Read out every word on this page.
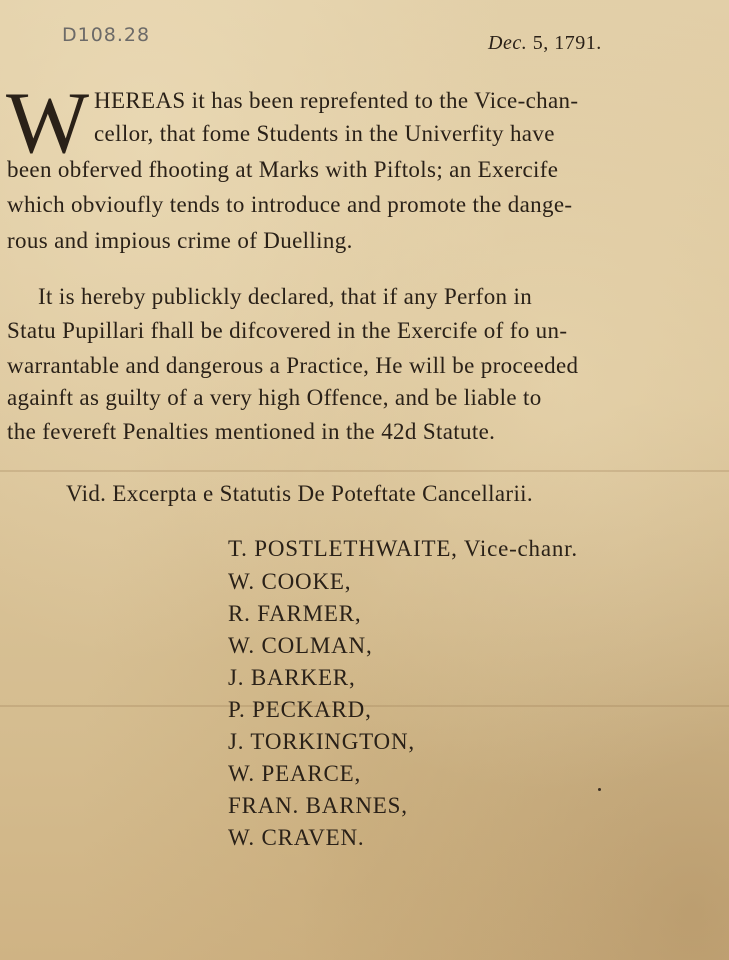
D108.28	Dec. 5, 1791.
W HEREAS it has been reprefented to the Vice-chan-
cellor, that fome Students in the Univerfity have
been obferved fhooting at Marks with Piftols; an Exercife
which obvioufly tends to introduce and promote the dange-
rous and impious crime of Duelling.
It is hereby publickly declared, that if any Perfon in
Statu Pupillari fhall be difcovered in the Exercife of fo un-
warrantable and dangerous a Practice, He will be proceeded
againft as guilty of a very high Offence, and be liable to
the fevereft Penalties mentioned in the 42d Statute.
Vid. Excerpta e Statutis De Poteftate Cancellarii.
T. POSTLETHWAITE, Vice-chanr.
W. COOKE,
R. FARMER,
W. COLMAN,
J. BARKER,
P. PECKARD,
J. TORKINGTON,
W. PEARCE,
FRAN. BARNES,
W. CRAVEN.
